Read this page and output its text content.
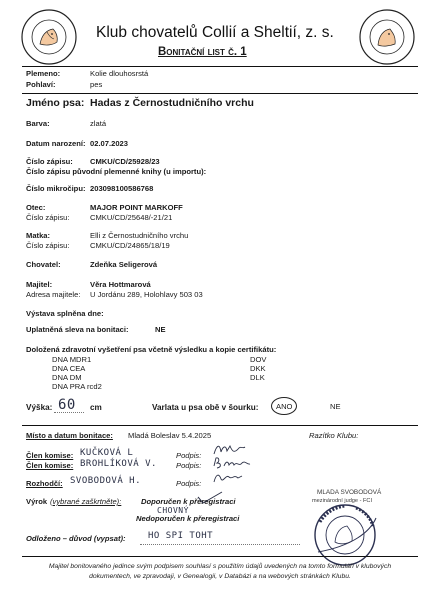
Klub chovatelů Collií a Sheltií, z. s.
Bonitační list č. 1
Plemeno:	Kolie dlouhosrstá
Pohlaví:	pes
Jméno psa: Hadas z Černostudničního vrchu
Barva:	zlatá
Datum narození: 02.07.2023
Číslo zápisu: CMKU/CD/25928/23
Číslo zápisu původní plemenné knihy (u importu):
Číslo mikročipu: 203098100586768
Otec:	MAJOR POINT MARKOFF
Číslo zápisu:	CMKU/CD/25648/-21/21
Matka:	Elli z Černostudničního vrchu
Číslo zápisu:	CMKU/CD/24865/18/19
Chovatel:	Zdeňka Seligerová
Majitel:	Věra Hottmarová
Adresa majitele: U Jordánu 289, Holohlavy 503 03
Výstava splněna dne:
Uplatněná sleva na bonitaci:	NE
Doložená zdravotní vyšetření psa včetně výsledku a kopie certifikátu:
DNA MDR1
DNA CEA
DNA DM
DNA PRA rcd2
DOV
DKK
DLK
Výška: 60 cm	Varlata u psa obě v šourku: ANO	NE
Místo a datum bonitace: Mladá Boleslav 5.4.2025	Razítko Klubu:
Člen komise: KUČKOVÁ L	Podpis:
Člen komise: BROHLÍKOVÁ V.	Podpis:
Rozhodčí: SVOBODOVÁ H.	Podpis:
Výrok (vybrané zaškrtněte):	Doporučen k přeregistraci
CHOVNÝ
Nedoporučen k přeregistraci
MLADA SVOBODOVÁ
mezinárodní judge - FCI
Odloženo – důvod (vypsat): HO SPI TOHT
Majitel bonitovaného jedince svým podpisem souhlasí s použitím údajů uvedených na tomto formuláři v klubových dokumentech, ve zpravodaji, v Genealogii, v Databázi a na webových stránkách Klubu.
